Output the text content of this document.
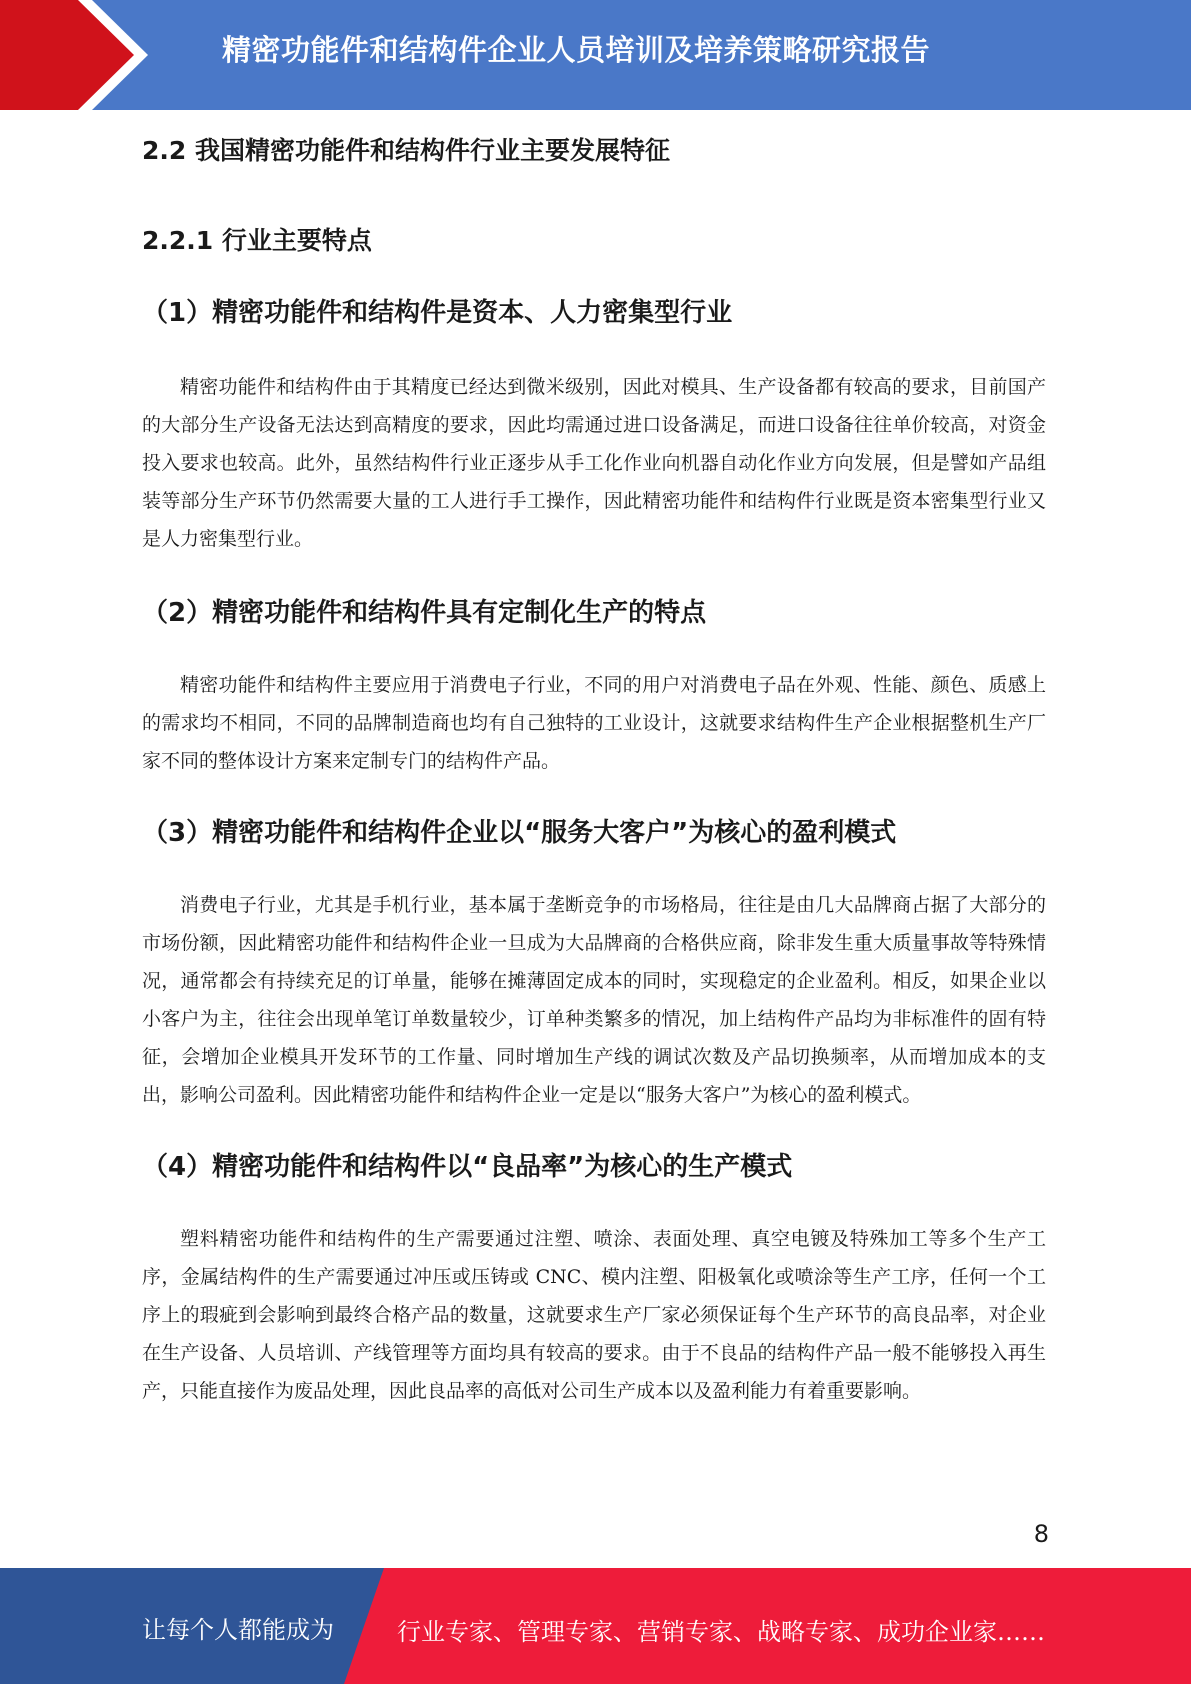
精密功能件和结构件企业人员培训及培养策略研究报告
2.2 我国精密功能件和结构件行业主要发展特征
2.2.1 行业主要特点
（1）精密功能件和结构件是资本、人力密集型行业

精密功能件和结构件由于其精度已经达到微米级别，因此对模具、生产设备都有较高的要求，目前国产的大部分生产设备无法达到高精度的要求，因此均需通过进口设备满足，而进口设备往往单价较高，对资金投入要求也较高。此外，虽然结构件行业正逐步从手工化作业向机器自动化作业方向发展，但是譬如产品组装等部分生产环节仍然需要大量的工人进行手工操作，因此精密功能件和结构件行业既是资本密集型行业又是人力密集型行业。

（2）精密功能件和结构件具有定制化生产的特点

精密功能件和结构件主要应用于消费电子行业，不同的用户对消费电子品在外观、性能、颜色、质感上的需求均不相同，不同的品牌制造商也均有自己独特的工业设计，这就要求结构件生产企业根据整机生产厂家不同的整体设计方案来定制专门的结构件产品。

（3）精密功能件和结构件企业以“服务大客户”为核心的盈利模式

消费电子行业，尤其是手机行业，基本属于垄断竞争的市场格局，往往是由几大品牌商占据了大部分的市场份额，因此精密功能件和结构件企业一旦成为大品牌商的合格供应商，除非发生重大质量事故等特殊情况，通常都会有持续充足的订单量，能够在摊薄固定成本的同时，实现稳定的企业盈利。相反，如果企业以小客户为主，往往会出现单笔订单数量较少，订单种类繁多的情况，加上结构件产品均为非标准件的固有特征，会增加企业模具开发环节的工作量、同时增加生产线的调试次数及产品切换频率，从而增加成本的支出，影响公司盈利。因此精密功能件和结构件企业一定是以“服务大客户”为核心的盈利模式。

（4）精密功能件和结构件以“良品率”为核心的生产模式

塑料精密功能件和结构件的生产需要通过注塑、喷涂、表面处理、真空电镀及特殊加工等多个生产工序，金属结构件的生产需要通过冲压或压铸或 CNC、模内注塑、阳极氧化或喷涂等生产工序，任何一个工序上的瑕疵到会影响到最终合格产品的数量，这就要求生产厂家必须保证每个生产环节的高良品率，对企业在生产设备、人员培训、产线管理等方面均具有较高的要求。由于不良品的结构件产品一般不能够投入再生产，只能直接作为废品处理，因此良品率的高低对公司生产成本以及盈利能力有着重要影响。

8
让每个人都能成为	行业专家、管理专家、营销专家、战略专家、成功企业家……
